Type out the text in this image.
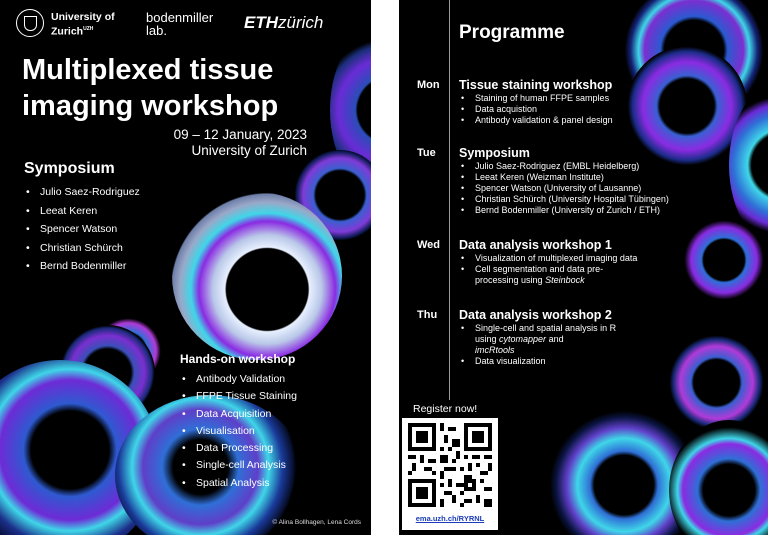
University of
Zurich$^{UZH}$
bodenmiller
lab.	ETHzürich
Multiplexed tissue
imaging workshop
09 – 12 January, 2023
University of Zurich
Symposium
• Julio Saez-Rodriguez
• Leeat Keren
• Spencer Watson
• Christian Schürch
• Bernd Bodenmiller
Hands-on workshop
• Antibody Validation
• FFPE Tissue Staining
• Data Acquisition
• Visualisation
• Data Processing
• Single-cell Analysis
• Spatial Analysis
© Alina Bollhagen, Lena Cords
Programme
Mon Tissue staining workshop
• Staining of human FFPE samples
• Data acquistion
• Antibody validation & panel design
Tue Symposium
• Julio Saez-Rodriguez (EMBL Heidelberg)
• Leeat Keren (Weizman Institute)
• Spencer Watson (University of Lausanne)
• Christian Schürch (University Hospital Tübingen)
• Bernd Bodenmiller (University of Zurich / ETH)
Wed Data analysis workshop 1
• Visualization of multiplexed imaging data
• Cell segmentation and data pre-processing using Steinbock
Thu Data analysis workshop 2
• Single-cell and spatial analysis in R using cytomapper and
imcRtools
• Data visualization
Register now!
ema.uzh.ch/RYRNL
